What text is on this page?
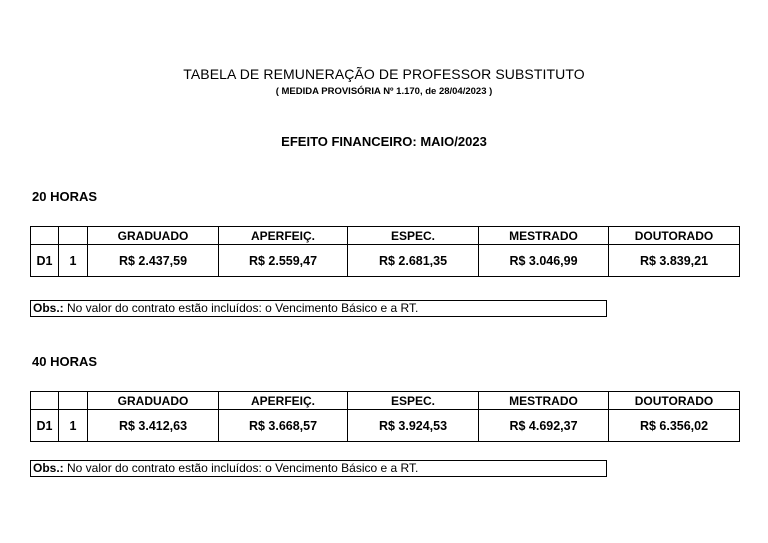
TABELA DE REMUNERAÇÃO DE PROFESSOR SUBSTITUTO
( MEDIDA PROVISÓRIA Nº 1.170, de 28/04/2023 )
EFEITO FINANCEIRO: MAIO/2023
20 HORAS
		GRADUADO	APERFEIÇ.	ESPEC.	MESTRADO	DOUTORADO
D1	1	R$ 2.437,59	R$ 2.559,47	R$ 2.681,35	R$ 3.046,99	R$ 3.839,21
Obs.: No valor do contrato estão incluídos: o Vencimento Básico e a RT.
40 HORAS
		GRADUADO	APERFEIÇ.	ESPEC.	MESTRADO	DOUTORADO
D1	1	R$ 3.412,63	R$ 3.668,57	R$ 3.924,53	R$ 4.692,37	R$ 6.356,02
Obs.: No valor do contrato estão incluídos: o Vencimento Básico e a RT.
